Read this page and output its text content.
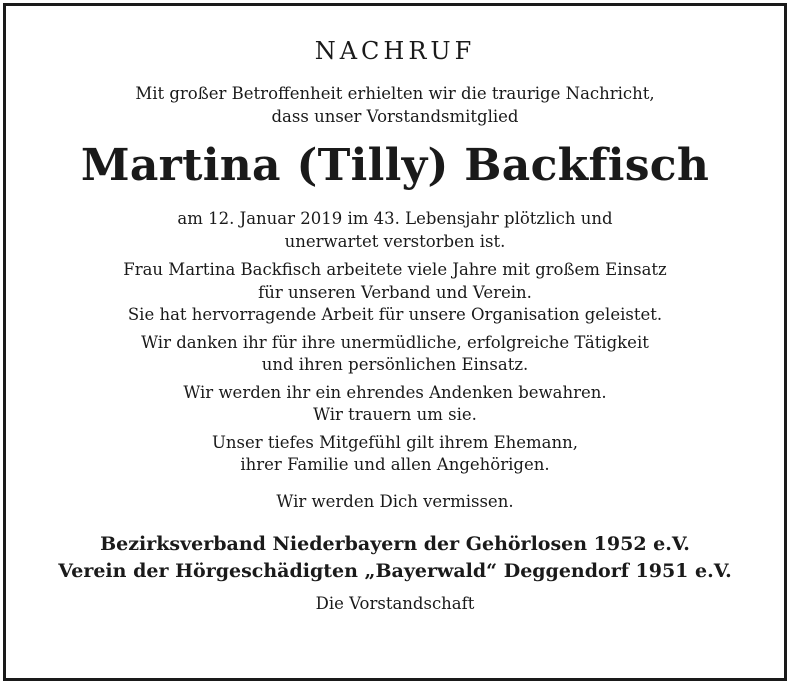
NACHRUF
Mit großer Betroffenheit erhielten wir die traurige Nachricht,
dass unser Vorstandsmitglied
Martina (Tilly) Backfisch
am 12. Januar 2019 im 43. Lebensjahr plötzlich und
unerwartet verstorben ist.
Frau Martina Backfisch arbeitete viele Jahre mit großem Einsatz
für unseren Verband und Verein.
Sie hat hervorragende Arbeit für unsere Organisation geleistet.
Wir danken ihr für ihre unermüdliche, erfolgreiche Tätigkeit
und ihren persönlichen Einsatz.
Wir werden ihr ein ehrendes Andenken bewahren.
Wir trauern um sie.
Unser tiefes Mitgefühl gilt ihrem Ehemann,
ihrer Familie und allen Angehörigen.
Wir werden Dich vermissen.
Bezirksverband Niederbayern der Gehörlosen 1952 e.V.
Verein der Hörgeschädigten „Bayerwald“ Deggendorf 1951 e.V.
Die Vorstandschaft
